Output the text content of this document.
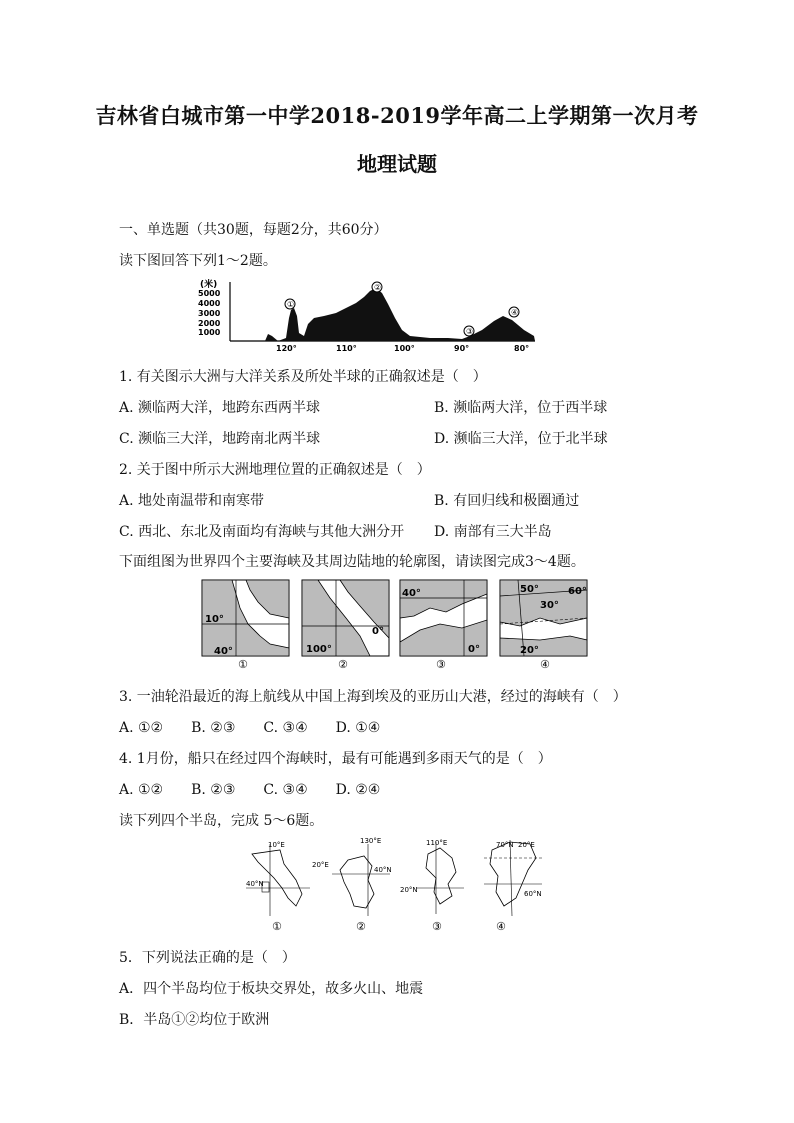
吉林省白城市第一中学2018-2019学年高二上学期第一次月考
地理试题
一、单选题（共30题，每题2分，共60分）
读下图回答下列1～2题。
(米)
5000
4000
3000
2000
1000
①
②
③
④
120°	110°	100°	90°	80°
1. 有关图示大洲与大洋关系及所处半球的正确叙述是（　）
A. 濒临两大洋，地跨东西两半球	B. 濒临两大洋，位于西半球
C. 濒临三大洋，地跨南北两半球	D. 濒临三大洋，位于北半球
2. 关于图中所示大洲地理位置的正确叙述是（　）
A. 地处南温带和南寒带	B. 有回归线和极圈通过
C. 西北、东北及南面均有海峡与其他大洲分开 D. 南部有三大半岛
下面组图为世界四个主要海峡及其周边陆地的轮廓图，请读图完成3～4题。
10°
40°
0°
100°
40°
0°
50°	60°
30°
20°
①	②	③	④
3. 一油轮沿最近的海上航线从中国上海到埃及的亚历山大港，经过的海峡有（　）
A. ①②　　B. ②③　　C. ③④　　D. ①④
4. 1月份，船只在经过四个海峡时，最有可能遇到多雨天气的是（　）
A. ①②　　B. ②③　　C. ③④　　D. ②④
读下列四个半岛，完成 5～6题。
10°E
20°E
40°N
130°E
40°N
110°E
20°N
70°N 20°E
60°N
①	②	③	④
5．下列说法正确的是（　）
A．四个半岛均位于板块交界处，故多火山、地震
B．半岛①②均位于欧洲
